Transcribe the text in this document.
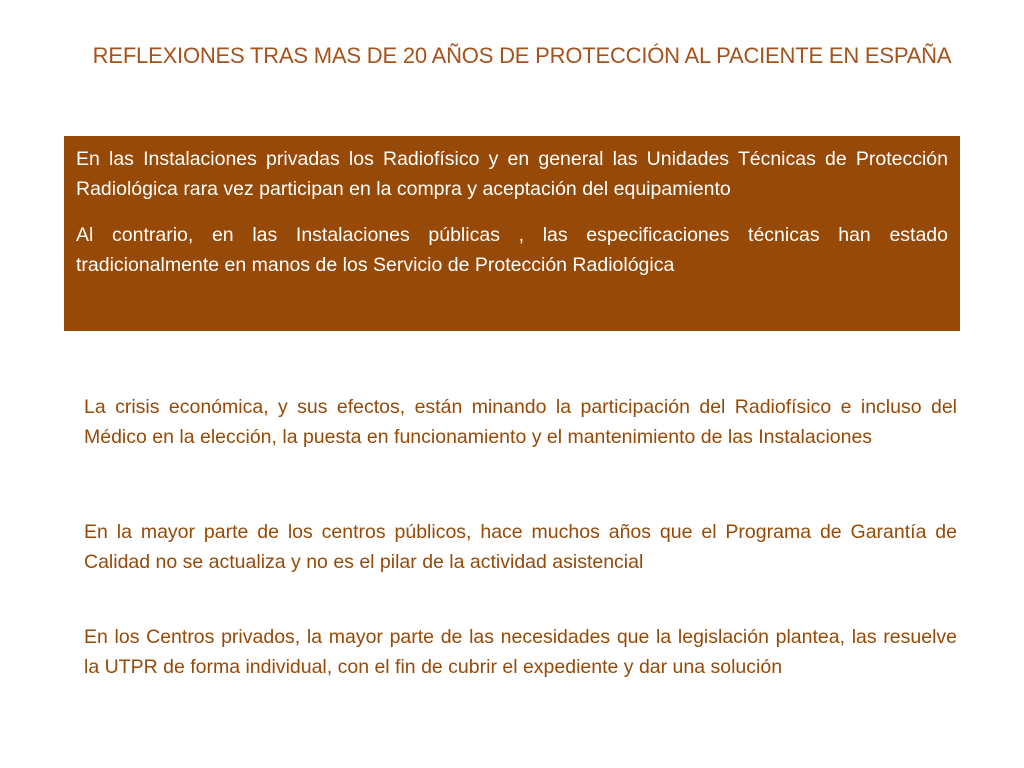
REFLEXIONES TRAS MAS DE 20 AÑOS DE PROTECCIÓN AL PACIENTE EN ESPAÑA

En las Instalaciones privadas los Radiofísico y en general las Unidades Técnicas de Protección Radiológica rara vez participan en la compra y aceptación del equipamiento

Al contrario, en las Instalaciones públicas , las especificaciones técnicas han estado tradicionalmente en manos de los Servicio de Protección Radiológica

La crisis económica, y sus efectos, están minando la participación del Radiofísico e incluso del Médico en la elección, la puesta en funcionamiento y el mantenimiento de las Instalaciones

En la mayor parte de los centros públicos, hace muchos años que el Programa de Garantía de Calidad no se actualiza y no es el pilar de la actividad asistencial

En los Centros privados, la mayor parte de las necesidades que la legislación plantea, las resuelve la UTPR de forma individual, con el fin de cubrir el expediente y dar una solución
